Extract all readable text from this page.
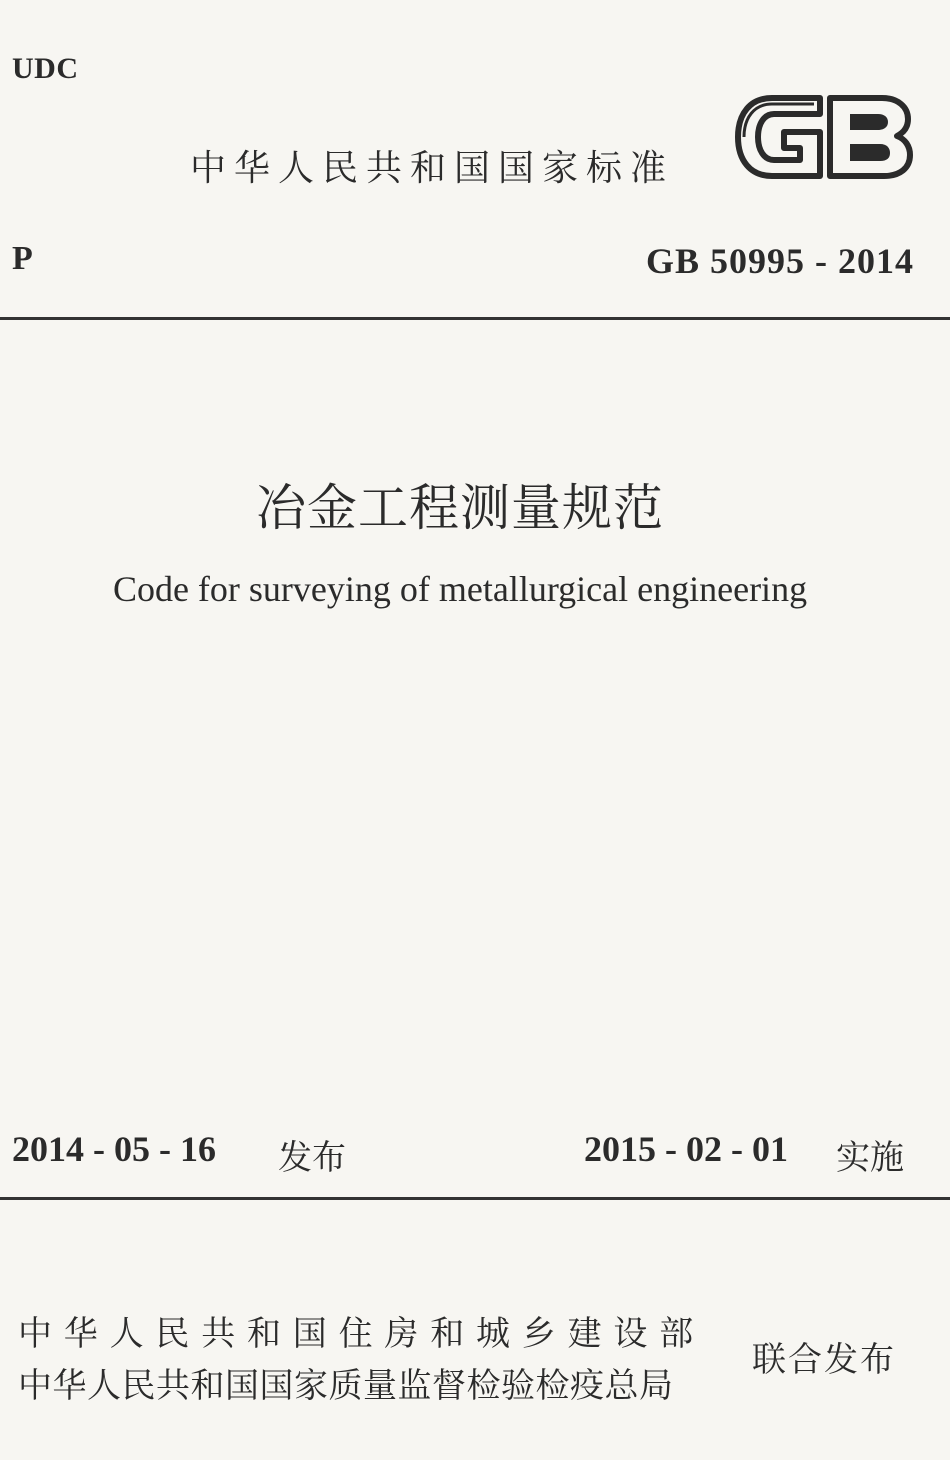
UDC
中华人民共和国国家标准
P	GB 50995 - 2014
冶金工程测量规范
Code for surveying of metallurgical engineering
2014 - 05 - 16 发布	2015 - 02 - 01 实施
中华人民共和国住房和城乡建设部
中华人民共和国国家质量监督检验检疫总局
联合发布
